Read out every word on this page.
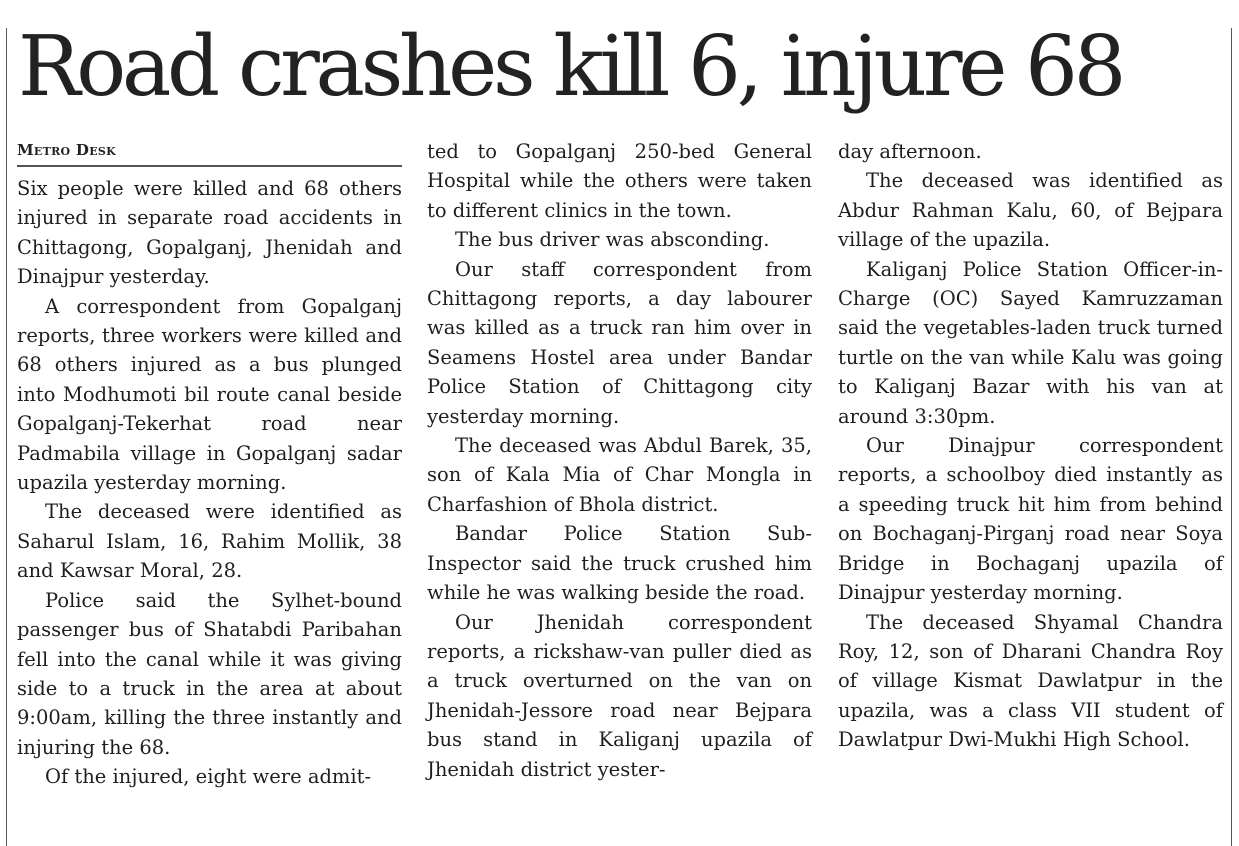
Road crashes kill 6, injure 68
Metro Desk

Six people were killed and 68 others injured in separate road accidents in Chittagong, Gopalganj, Jhenidah and Dinajpur yesterday.

A correspondent from Gopalganj reports, three workers were killed and 68 others injured as a bus plunged into Modhumoti bil route canal beside Gopalganj-Tekerhat road near Padmabila village in Gopalganj sadar upazila yesterday morning.

The deceased were identified as Saharul Islam, 16, Rahim Mollik, 38 and Kawsar Moral, 28.

Police said the Sylhet-bound passenger bus of Shatabdi Paribahan fell into the canal while it was giving side to a truck in the area at about 9:00am, killing the three instantly and injuring the 68.

Of the injured, eight were admit-

ted to Gopalganj 250-bed General Hospital while the others were taken to different clinics in the town.

The bus driver was absconding.

Our staff correspondent from Chittagong reports, a day labourer was killed as a truck ran him over in Seamens Hostel area under Bandar Police Station of Chittagong city yesterday morning.

The deceased was Abdul Barek, 35, son of Kala Mia of Char Mongla in Charfashion of Bhola district.

Bandar Police Station Sub-Inspector said the truck crushed him while he was walking beside the road.

Our Jhenidah correspondent reports, a rickshaw-van puller died as a truck overturned on the van on Jhenidah-Jessore road near Bejpara bus stand in Kaliganj upazila of Jhenidah district yester-

day afternoon.

The deceased was identified as Abdur Rahman Kalu, 60, of Bejpara village of the upazila.

Kaliganj Police Station Officer-in-Charge (OC) Sayed Kamruzzaman said the vegetables-laden truck turned turtle on the van while Kalu was going to Kaliganj Bazar with his van at around 3:30pm.

Our Dinajpur correspondent reports, a schoolboy died instantly as a speeding truck hit him from behind on Bochaganj-Pirganj road near Soya Bridge in Bochaganj upazila of Dinajpur yesterday morning.

The deceased Shyamal Chandra Roy, 12, son of Dharani Chandra Roy of village Kismat Dawlatpur in the upazila, was a class VII student of Dawlatpur Dwi-Mukhi High School.
